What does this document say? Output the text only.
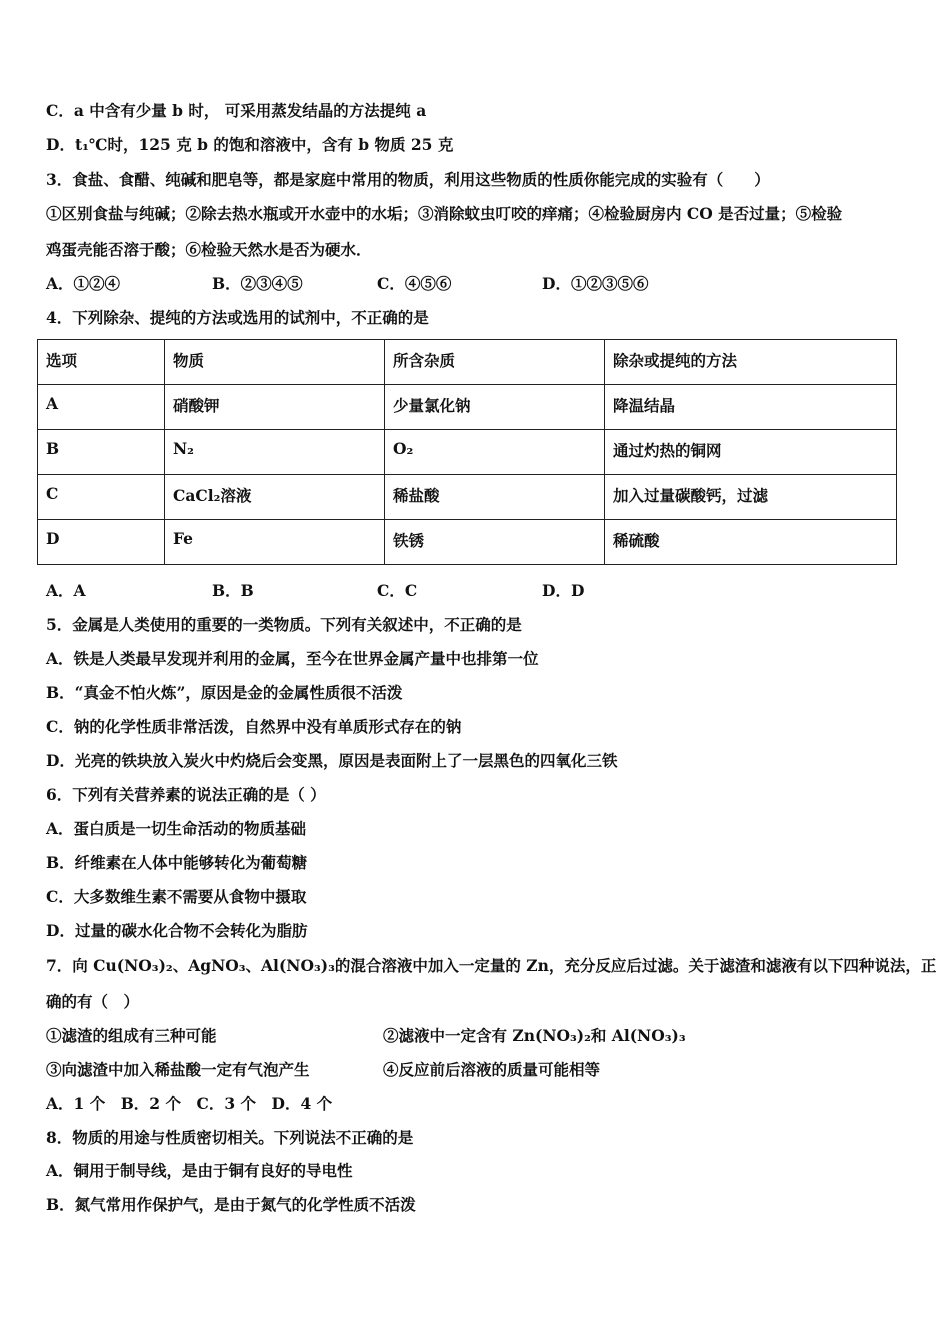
C．a 中含有少量 b 时， 可采用蒸发结晶的方法提纯 a
D．t₁℃时，125 克 b 的饱和溶液中，含有 b 物质 25 克
3．食盐、食醋、纯碱和肥皂等，都是家庭中常用的物质，利用这些物质的性质你能完成的实验有（　　）
①区别食盐与纯碱；②除去热水瓶或开水壶中的水垢；③消除蚊虫叮咬的痒痛；④检验厨房内 CO 是否过量；⑤检验
鸡蛋壳能否溶于酸；⑥检验天然水是否为硬水．
A．①②④	B．②③④⑤	C．④⑤⑥	D．①②③⑤⑥
4．下列除杂、提纯的方法或选用的试剂中，不正确的是
选项	物质	所含杂质	除杂或提纯的方法
A	硝酸钾	少量氯化钠	降温结晶
B	N₂	O₂	通过灼热的铜网
C	CaCl₂溶液	稀盐酸	加入过量碳酸钙，过滤
D	Fe	铁锈	稀硫酸
A．A	B．B	C．C	D．D
5．金属是人类使用的重要的一类物质。下列有关叙述中，不正确的是
A．铁是人类最早发现并利用的金属，至今在世界金属产量中也排第一位
B．“真金不怕火炼”，原因是金的金属性质很不活泼
C．钠的化学性质非常活泼，自然界中没有单质形式存在的钠
D．光亮的铁块放入炭火中灼烧后会变黑，原因是表面附上了一层黑色的四氧化三铁
6．下列有关营养素的说法正确的是（ ）
A．蛋白质是一切生命活动的物质基础
B．纤维素在人体中能够转化为葡萄糖
C．大多数维生素不需要从食物中摄取
D．过量的碳水化合物不会转化为脂肪
7．向 Cu(NO₃)₂、AgNO₃、Al(NO₃)₃的混合溶液中加入一定量的 Zn，充分反应后过滤。关于滤渣和滤液有以下四种说法，正
确的有（　）
①滤渣的组成有三种可能	②滤液中一定含有 Zn(NO₃)₂和 Al(NO₃)₃
③向滤渣中加入稀盐酸一定有气泡产生	④反应前后溶液的质量可能相等
A．1 个　B．2 个　C．3 个　D．4 个
8．物质的用途与性质密切相关。下列说法不正确的是
A．铜用于制导线，是由于铜有良好的导电性
B．氮气常用作保护气，是由于氮气的化学性质不活泼
